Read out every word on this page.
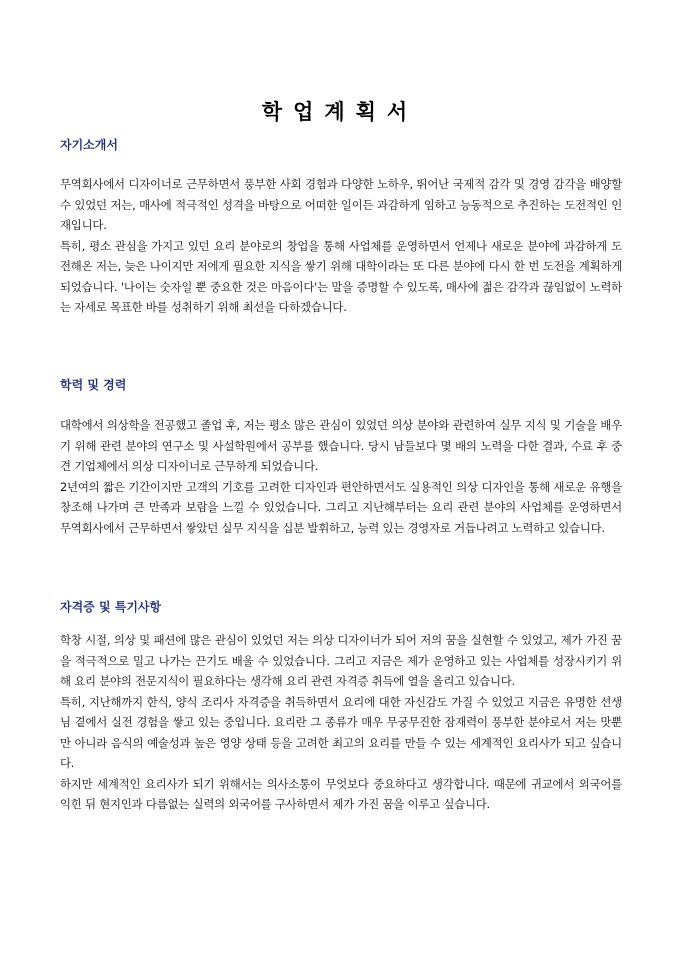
학업계획서
자기소개서

무역회사에서 디자이너로 근무하면서 풍부한 사회 경험과 다양한 노하우, 뛰어난 국제적 감각 및 경영 감각을 배양할 수 있었던 저는, 매사에 적극적인 성격을 바탕으로 어떠한 일이든 과감하게 임하고 능동적으로 추진하는 도전적인 인재입니다.

특히, 평소 관심을 가지고 있던 요리 분야로의 창업을 통해 사업체를 운영하면서 언제나 새로운 분야에 과감하게 도전해온 저는, 늦은 나이지만 저에게 필요한 지식을 쌓기 위해 대학이라는 또 다른 분야에 다시 한 번 도전을 계획하게 되었습니다. '나이는 숫자일 뿐 중요한 것은 마음이다'는 말을 증명할 수 있도록, 매사에 젊은 감각과 끊임없이 노력하는 자세로 목표한 바를 성취하기 위해 최선을 다하겠습니다.

학력 및 경력

대학에서 의상학을 전공했고 졸업 후, 저는 평소 많은 관심이 있었던 의상 분야와 관련하여 실무 지식 및 기술을 배우기 위해 관련 분야의 연구소 및 사설학원에서 공부를 했습니다. 당시 남들보다 몇 배의 노력을 다한 결과, 수료 후 중견 기업체에서 의상 디자이너로 근무하게 되었습니다.

2년여의 짧은 기간이지만 고객의 기호를 고려한 디자인과 편안하면서도 실용적인 의상 디자인을 통해 새로운 유행을 창조해 나가며 큰 만족과 보람을 느낄 수 있었습니다. 그리고 지난해부터는 요리 관련 분야의 사업체를 운영하면서 무역회사에서 근무하면서 쌓았던 실무 지식을 십분 발휘하고, 능력 있는 경영자로 거듭나려고 노력하고 있습니다.

자격증 및 특기사항

학창 시절, 의상 및 패션에 많은 관심이 있었던 저는 의상 디자이너가 되어 저의 꿈을 실현할 수 있었고, 제가 가진 꿈을 적극적으로 밀고 나가는 끈기도 배울 수 있었습니다. 그리고 지금은 제가 운영하고 있는 사업체를 성장시키기 위해 요리 분야의 전문지식이 필요하다는 생각해 요리 관련 자격증 취득에 열을 올리고 있습니다.

특히, 지난해까지 한식, 양식 조리사 자격증을 취득하면서 요리에 대한 자신감도 가질 수 있었고 지금은 유명한 선생님 곁에서 실전 경험을 쌓고 있는 중입니다. 요리란 그 종류가 매우 무궁무진한 잠재력이 풍부한 분야로서 저는 맛뿐만 아니라 음식의 예술성과 높은 영양 상태 등을 고려한 최고의 요리를 만들 수 있는 세계적인 요리사가 되고 싶습니다.

하지만 세계적인 요리사가 되기 위해서는 의사소통이 무엇보다 중요하다고 생각합니다. 때문에 귀교에서 외국어를 익힌 뒤 현지인과 다름없는 실력의 외국어를 구사하면서 제가 가진 꿈을 이루고 싶습니다.
